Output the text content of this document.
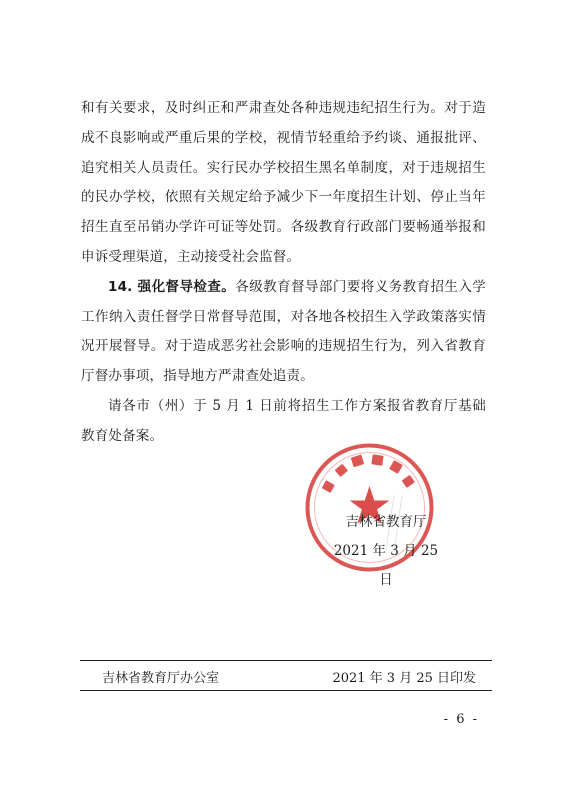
和有关要求，及时纠正和严肃查处各种违规违纪招生行为。对于造成不良影响或严重后果的学校，视情节轻重给予约谈、通报批评、追究相关人员责任。实行民办学校招生黑名单制度，对于违规招生的民办学校，依照有关规定给予减少下一年度招生计划、停止当年招生直至吊销办学许可证等处罚。各级教育行政部门要畅通举报和申诉受理渠道，主动接受社会监督。

14. 强化督导检查。各级教育督导部门要将义务教育招生入学工作纳入责任督学日常督导范围，对各地各校招生入学政策落实情况开展督导。对于造成恶劣社会影响的违规招生行为，列入省教育厅督办事项，指导地方严肃查处追责。

请各市（州）于 5 月 1 日前将招生工作方案报省教育厅基础教育处备案。

吉林省教育厅
2021 年 3 月 25 日
吉林省教育厅办公室	2021 年 3 月 25 日印发
- 6 -
